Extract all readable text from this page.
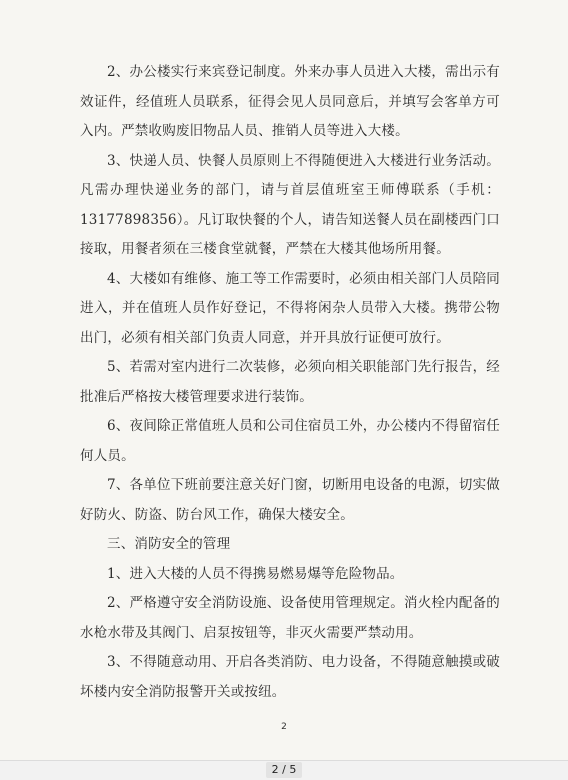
2、办公楼实行来宾登记制度。外来办事人员进入大楼，需出示有效证件，经值班人员联系，征得会见人员同意后，并填写会客单方可入内。严禁收购废旧物品人员、推销人员等进入大楼。

3、快递人员、快餐人员原则上不得随便进入大楼进行业务活动。凡需办理快递业务的部门，请与首层值班室王师傅联系（手机：13177898356）。凡订取快餐的个人，请告知送餐人员在副楼西门口接取，用餐者须在三楼食堂就餐，严禁在大楼其他场所用餐。

4、大楼如有维修、施工等工作需要时，必须由相关部门人员陪同进入，并在值班人员作好登记，不得将闲杂人员带入大楼。携带公物出门，必须有相关部门负责人同意，并开具放行证便可放行。

5、若需对室内进行二次装修，必须向相关职能部门先行报告，经批准后严格按大楼管理要求进行装饰。

6、夜间除正常值班人员和公司住宿员工外，办公楼内不得留宿任何人员。

7、各单位下班前要注意关好门窗，切断用电设备的电源，切实做好防火、防盗、防台风工作，确保大楼安全。

三、消防安全的管理

1、进入大楼的人员不得携易燃易爆等危险物品。

2、严格遵守安全消防设施、设备使用管理规定。消火栓内配备的水枪水带及其阀门、启泵按钮等，非灭火需要严禁动用。

3、不得随意动用、开启各类消防、电力设备，不得随意触摸或破坏楼内安全消防报警开关或按纽。

2
2 / 5
